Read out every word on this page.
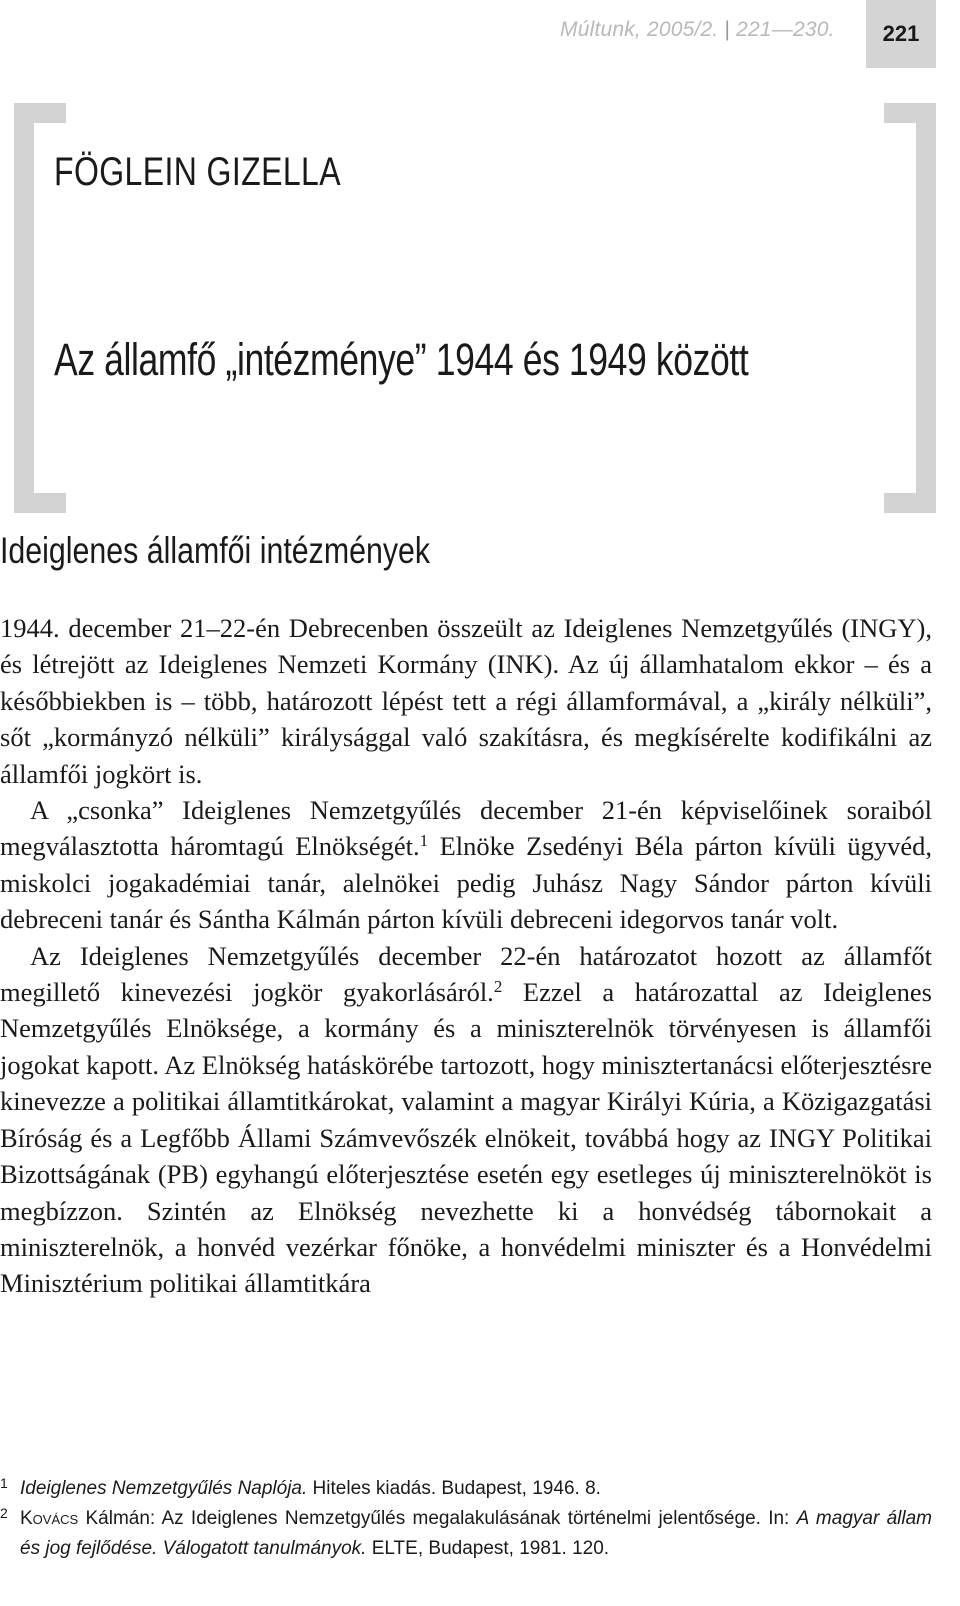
Múltunk, 2005/2. | 221—230.	221
FÖGLEIN GIZELLA
Az államfő „intézménye” 1944 és 1949 között
Ideiglenes államfői intézmények

1944. december 21–22-én Debrecenben összeült az Ideiglenes Nemzetgyűlés (INGY), és létrejött az Ideiglenes Nemzeti Kormány (INK). Az új államhatalom ekkor – és a későbbiekben is – több, határozott lépést tett a régi államformával, a „király nélküli”, sőt „kormányzó nélküli” királysággal való szakításra, és megkísérelte kodifikálni az államfői jogkört is.

A „csonka” Ideiglenes Nemzetgyűlés december 21-én képviselőinek soraiból megválasztotta háromtagú Elnökségét.$^1$ Elnöke Zsedényi Béla párton kívüli ügyvéd, miskolci jogakadémiai tanár, alelnökei pedig Juhász Nagy Sándor párton kívüli debreceni tanár és Sántha Kálmán párton kívüli debreceni idegorvos tanár volt.

Az Ideiglenes Nemzetgyűlés december 22-én határozatot hozott az államfőt megillető kinevezési jogkör gyakorlásáról.$^2$ Ezzel a határozattal az Ideiglenes Nemzetgyűlés Elnöksége, a kormány és a miniszterelnök törvényesen is államfői jogokat kapott. Az Elnökség hatáskörébe tartozott, hogy minisztertanácsi előterjesztésre kinevezze a politikai államtitkárokat, valamint a magyar Királyi Kúria, a Közigazgatási Bíróság és a Legfőbb Állami Számvevőszék elnökeit, továbbá hogy az INGY Politikai Bizottságának (PB) egyhangú előterjesztése esetén egy esetleges új miniszterelnököt is megbízzon. Szintén az Elnökség nevezhette ki a honvédség tábornokait a miniszterelnök, a honvéd vezérkar főnöke, a honvédelmi miniszter és a Honvédelmi Minisztérium politikai államtitkára

1 Ideiglenes Nemzetgyűlés Naplója. Hiteles kiadás. Budapest, 1946. 8.
2 Kovács Kálmán: Az Ideiglenes Nemzetgyűlés megalakulásának történelmi jelentősége. In: A magyar állam és jog fejlődése. Válogatott tanulmányok. ELTE, Budapest, 1981. 120.
